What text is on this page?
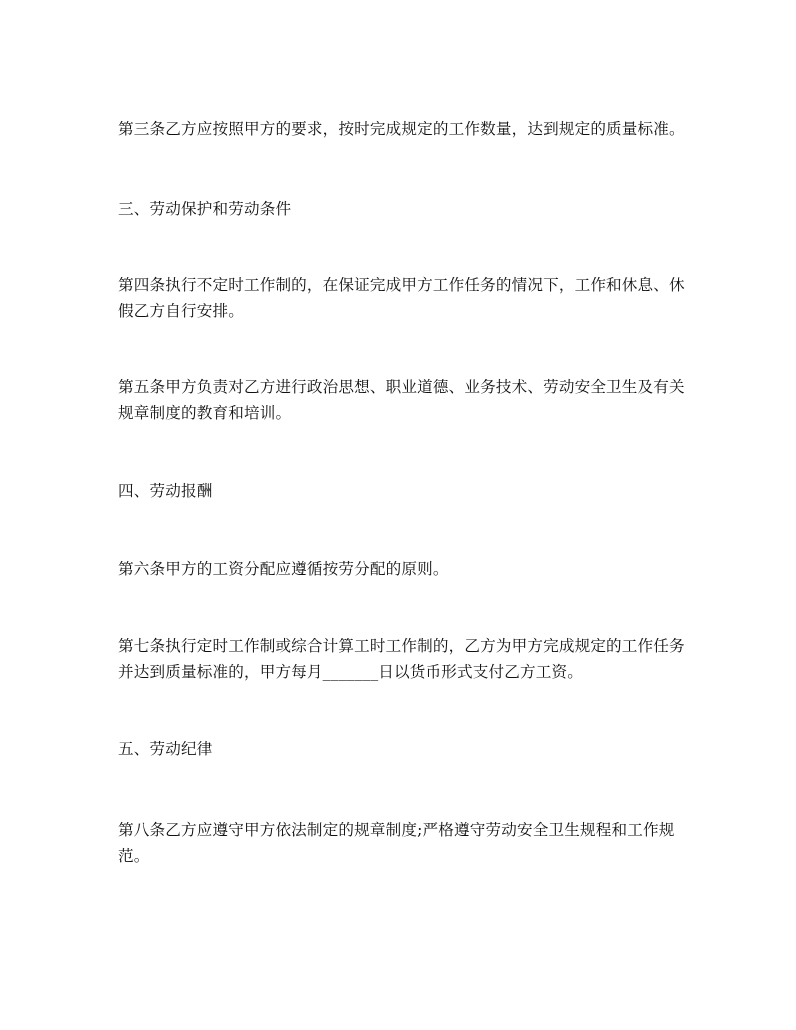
第三条乙方应按照甲方的要求，按时完成规定的工作数量，达到规定的质量标准。

三、劳动保护和劳动条件

第四条执行不定时工作制的，在保证完成甲方工作任务的情况下，工作和休息、休假乙方自行安排。

第五条甲方负责对乙方进行政治思想、职业道德、业务技术、劳动安全卫生及有关规章制度的教育和培训。

四、劳动报酬

第六条甲方的工资分配应遵循按劳分配的原则。

第七条执行定时工作制或综合计算工时工作制的，乙方为甲方完成规定的工作任务并达到质量标准的，甲方每月_______日以货币形式支付乙方工资。

五、劳动纪律

第八条乙方应遵守甲方依法制定的规章制度;严格遵守劳动安全卫生规程和工作规范。
